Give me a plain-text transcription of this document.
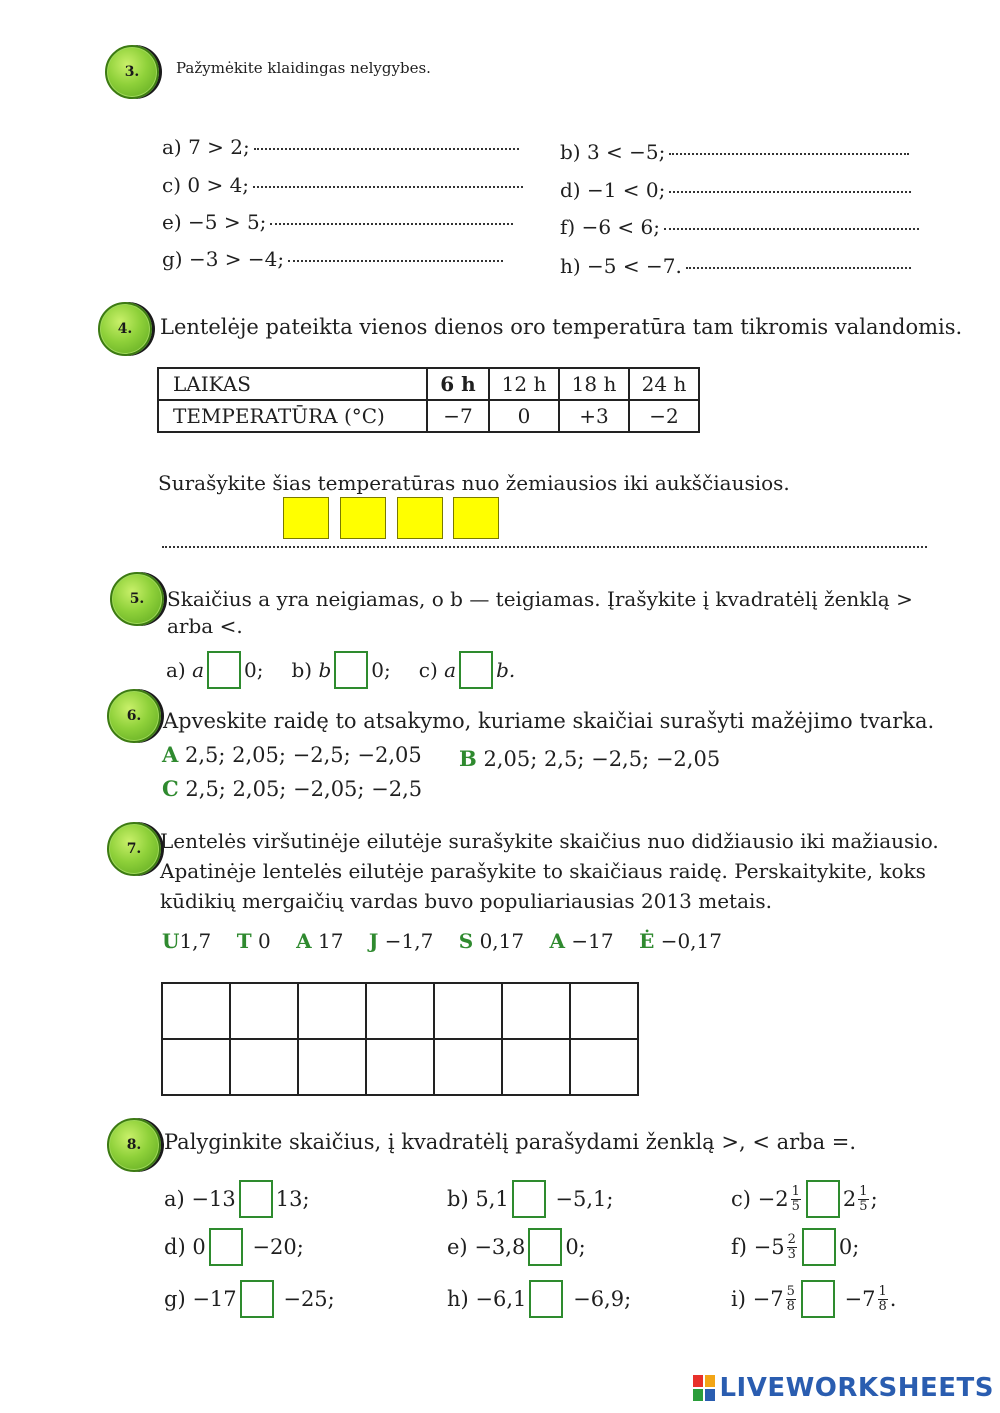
3. Pažymėkite klaidingas nelygybes.
a)
7 > 2;	b)
3 < −5;
c)
0 > 4;	d)
−1 < 0;
e)
−5 > 5;	f)
−6 < 6;
g)
−3 > −4;	h)
−5 < −7.
4. Lentelėje pateikta vienos dienos oro temperatūra tam tikromis valandomis.
LAIKAS	6 h	12 h	18 h	24 h
TEMPERATŪRA (°C)	−7	0	+3	−2
Surašykite šias temperatūras nuo žemiausios iki aukščiausios.
5. Skaičius a yra neigiamas, o b — teigiamas. Įrašykite į kvadratėlį ženklą > arba <.
a)
a 0; b)
b 0; c)
a b.
6. Apveskite raidę to atsakymo, kuriame skaičiai surašyti mažėjimo tvarka.
A 2,5; 2,05; −2,5; −2,05 B 2,05; 2,5; −2,5; −2,05
C 2,5; 2,05; −2,05; −2,5
7. Lentelės viršutinėje eilutėje surašykite skaičius nuo didžiausio iki mažiausio.
Apatinėje lentelės eilutėje parašykite to skaičiaus raidę. Perskaitykite, koks
kūdikių mergaičių vardas buvo populiariausias 2013 metais.
U1,7 T 0 A 17 J −1,7 S 0,17 A −17 Ė −0,17

8. Palyginkite skaičius, į kvadratėlį parašydami ženklą >, < arba =.
a)
−13 13;	b)
5,1
−5,1;	c)
$-2 \frac{1}{5} 2 \frac{1}{5}$ ;
d)
0
−20;	e)
−3,8 0;	f)
$-5 \frac{2}{3} 0$;
g)
−17
−25;	h)
−6,1
−6,9;	i)
$-7 \frac{5}{8}$
$-7 \frac{1}{8}$ .
LIVEWORKSHEETS
